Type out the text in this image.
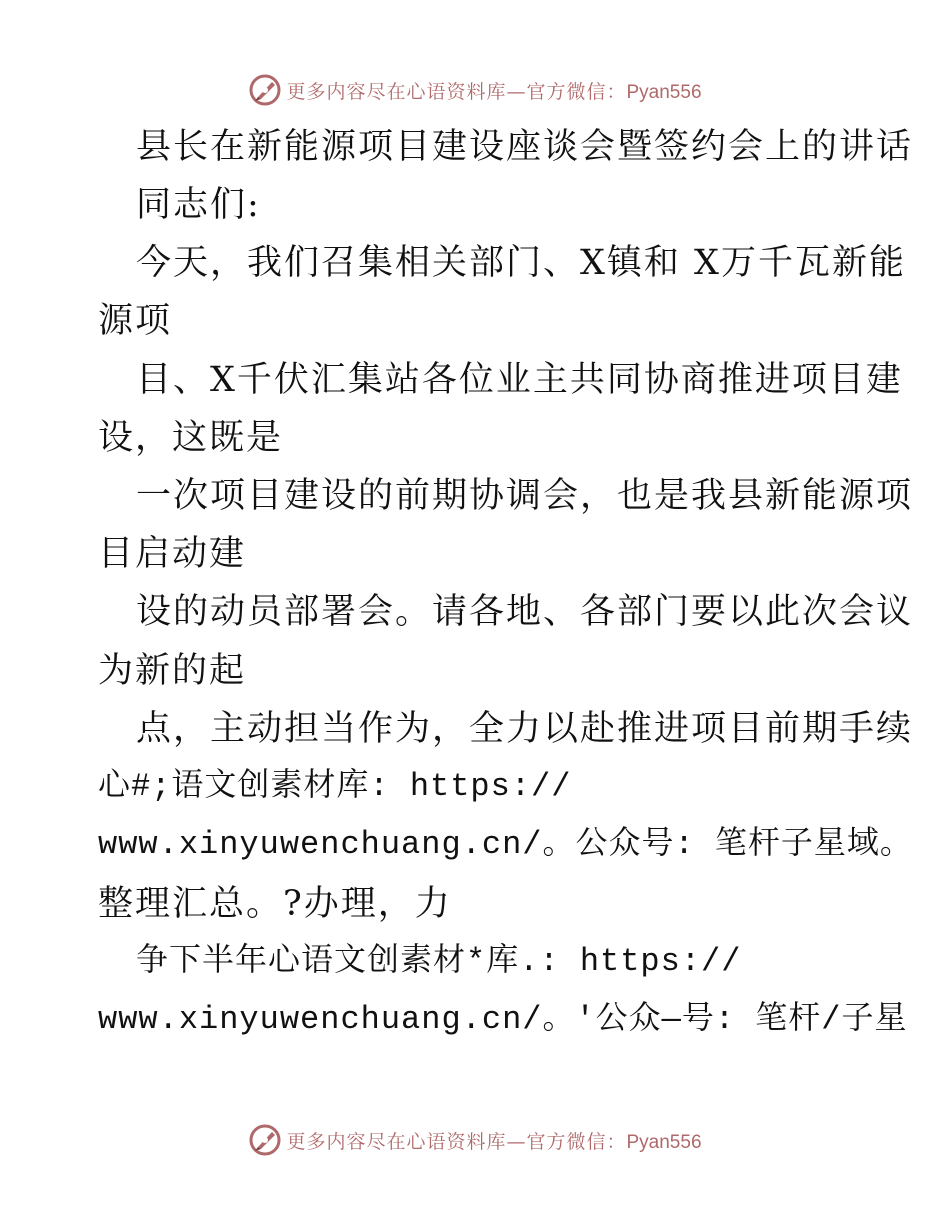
更多内容尽在心语资料库—官方微信：Pyan556
县长在新能源项目建设座谈会暨签约会上的讲话
同志们:
今天，我们召集相关部门、X镇和 X万千瓦新能
源项
目、X千伏汇集站各位业主共同协商推进项目建
设，这既是
一次项目建设的前期协调会，也是我县新能源项
目启动建
设的动员部署会。请各地、各部门要以此次会议
为新的起
点，主动担当作为，全力以赴推进项目前期手续
心#;语文创素材库: https://
www.xinyuwenchuang.cn/。公众号: 笔杆子星域。
整理汇总。?办理，力
争下半年心语文创素材*库.: https://
www.xinyuwenchuang.cn/。′公众—号: 笔杆/子星
更多内容尽在心语资料库—官方微信：Pyan556
